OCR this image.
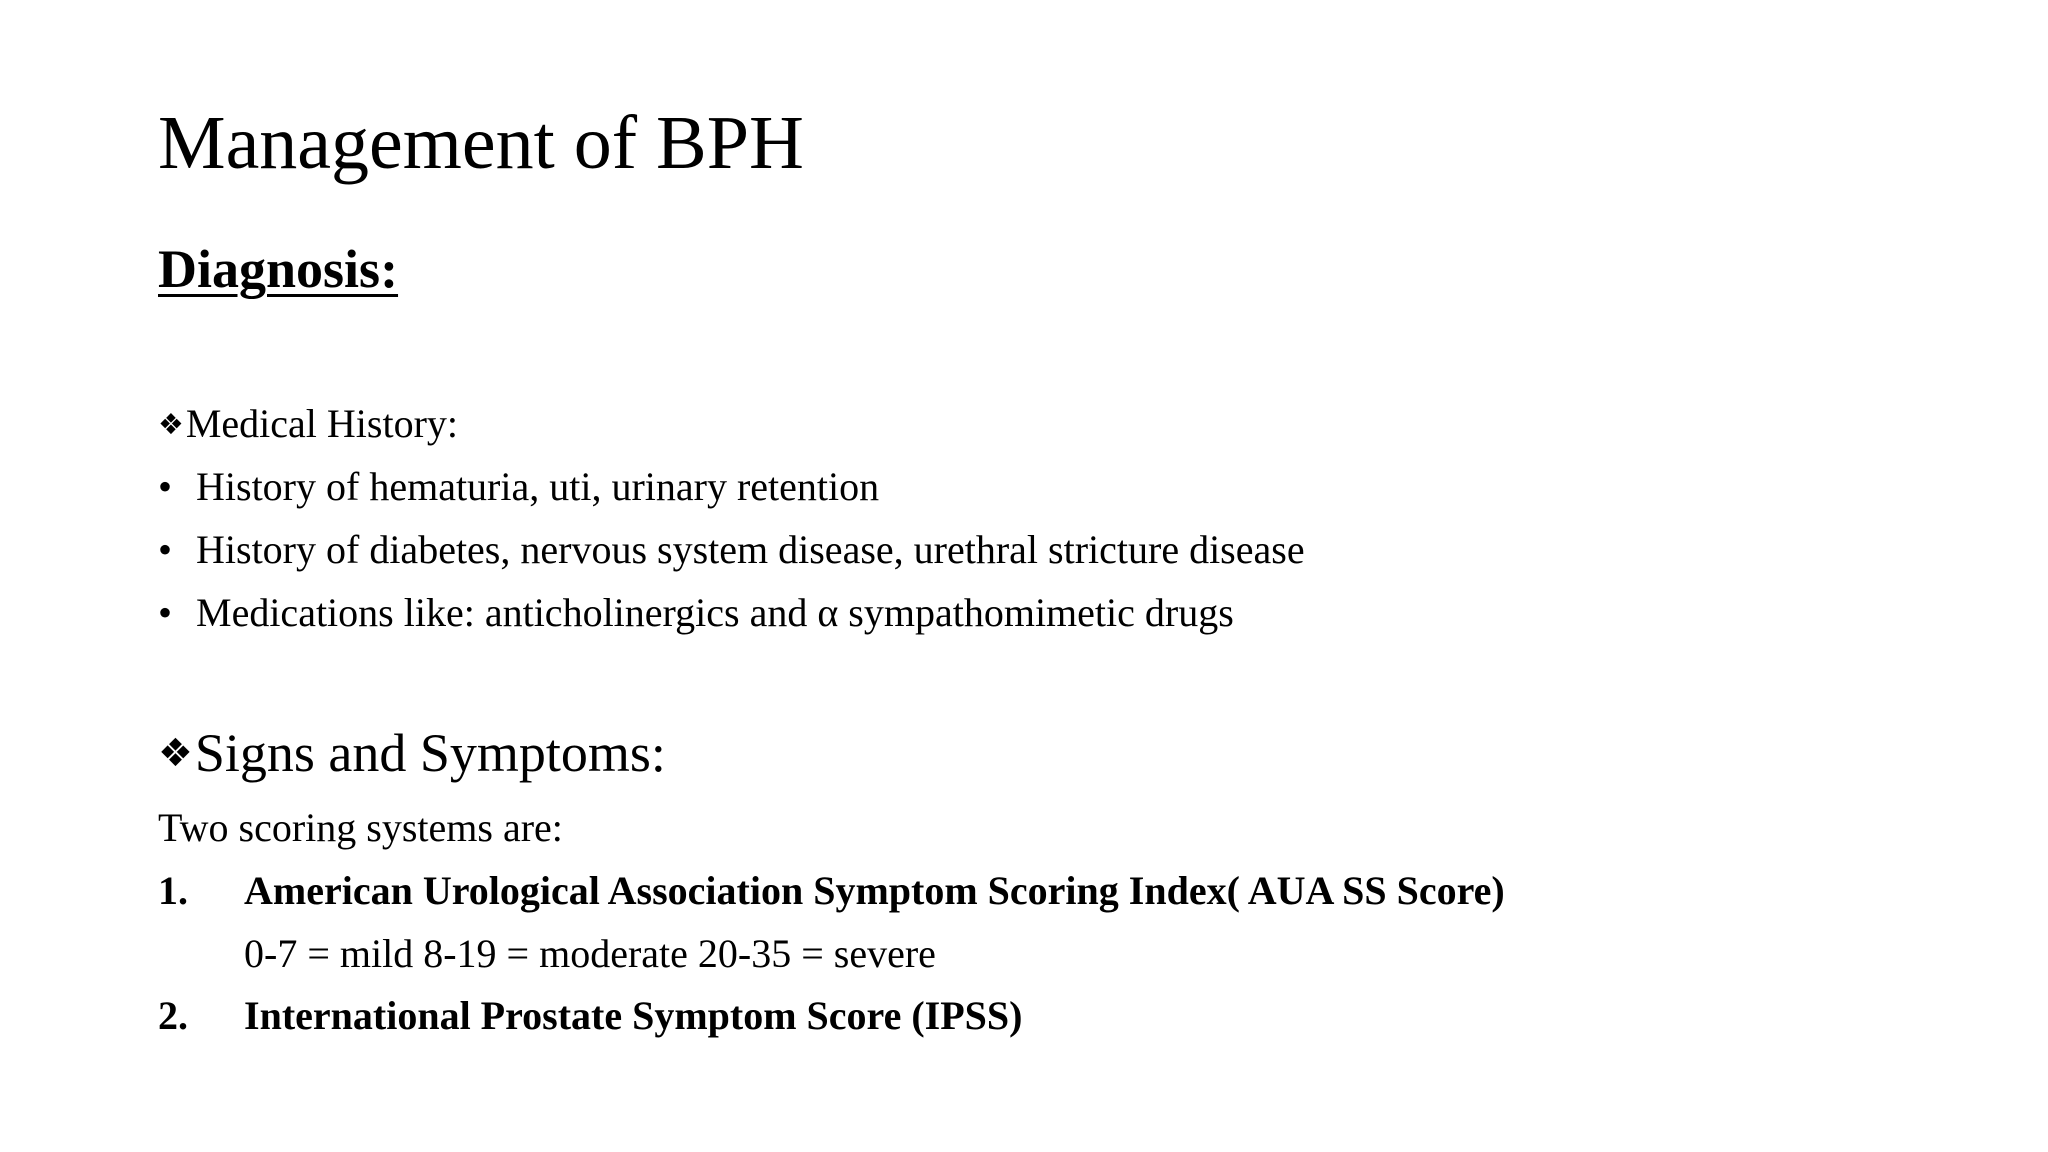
Management of BPH
Diagnosis:
❖Medical History:
• History of hematuria, uti, urinary retention
• History of diabetes, nervous system disease, urethral stricture disease
• Medications like: anticholinergics and α sympathomimetic drugs
❖Signs and Symptoms:
Two scoring systems are:
1. American Urological Association Symptom Scoring Index( AUA SS Score)
0-7 = mild 8-19 = moderate 20-35 = severe
2. International Prostate Symptom Score (IPSS)
